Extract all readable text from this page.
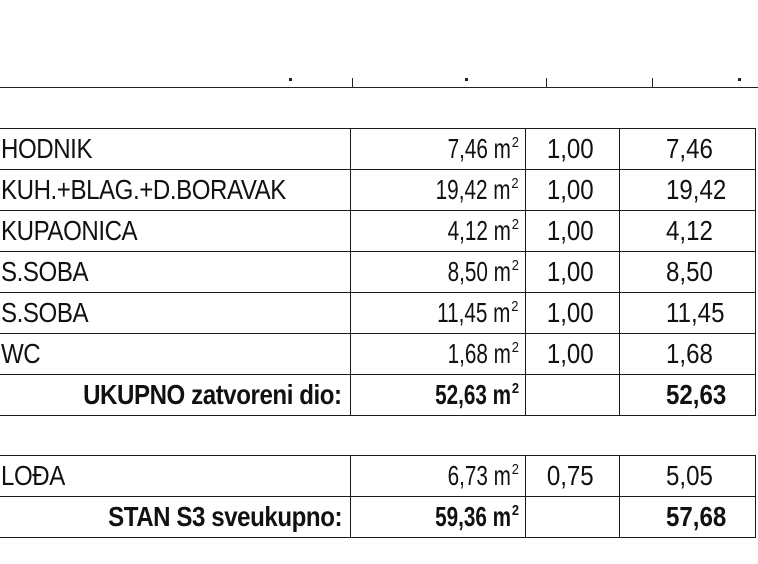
HODNIK	7,46 $m^2$	1,00	7,46
KUH.+BLAG.+D.BORAVAK	19,42 $m^2$	1,00	19,42
KUPAONICA	4,12 $m^2$	1,00	4,12
S.SOBA	8,50 $m^2$	1,00	8,50
S.SOBA	11,45 $m^2$	1,00	11,45
WC	1,68 $m^2$	1,00	1,68
UKUPNO zatvoreni dio:	52,63 $m^2$		52,63

LOĐA	6,73 $m^2$	0,75	5,05
STAN S3 sveukupno:	59,36 $m^2$		57,68
